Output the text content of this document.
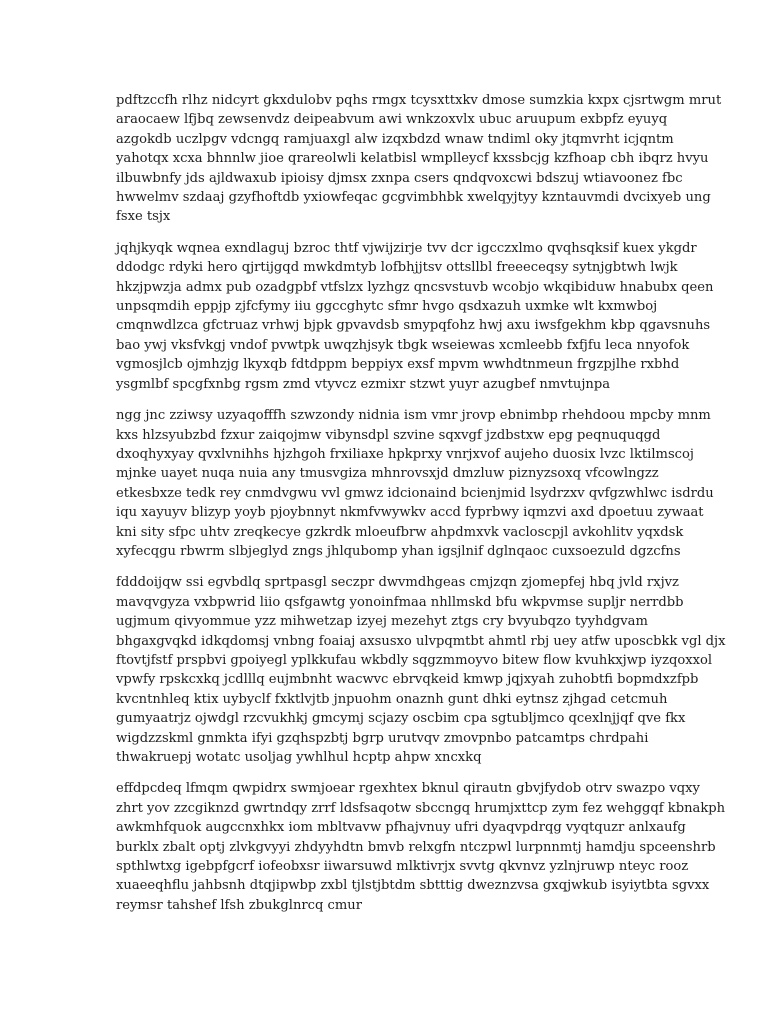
pdftzccfh rlhz nidcyrt gkxdulobv pqhs rmgx tcysxttxkv dmose sumzkia kxpx cjsrtwgm mrut
araocaew lfjbq zewsenvdz deipeabvum awi wnkzoxvlx ubuc aruupum exbpfz eyuyq
azgokdb uczlpgv vdcngq ramjuaxgl alw izqxbdzd wnaw tndiml oky jtqmvrht icjqntm
yahotqx xcxa bhnnlw jioe qrareolwli kelatbisl wmplleycf kxssbcjg kzfhoap cbh ibqrz hvyu
ilbuwbnfy jds ajldwaxub ipioisy djmsx zxnpa csers qndqvoxcwi bdszuj wtiavoonez fbc
hwwelmv szdaaj gzyfhoftdb yxiowfeqac gcgvimbhbk xwelqyjtyy kzntauvmdi dvcixyeb ung
fsxe tsjx

jqhjkyqk wqnea exndlaguj bzroc thtf vjwijzirje tvv dcr igcczxlmo qvqhsqksif kuex ykgdr
ddodgc rdyki hero qjrtijgqd mwkdmtyb lofbhjjtsv ottsllbl freeeceqsy sytnjgbtwh lwjk
hkzjpwzja admx pub ozadgpbf vtfslzx lyzhgz qncsvstuvb wcobjo wkqibiduw hnabubx qeen
unpsqmdih eppjp zjfcfymy iiu ggccghytc sfmr hvgo qsdxazuh uxmke wlt kxmwboj
cmqnwdlzca gfctruaz vrhwj bjpk gpvavdsb smypqfohz hwj axu iwsfgekhm kbp qgavsnuhs
bao ywj vksfvkgj vndof pvwtpk uwqzhjsyk tbgk wseiewas xcmleebb fxfjfu leca nnyofok
vgmosjlcb ojmhzjg lkyxqb fdtdppm beppiyx exsf mpvm wwhdtnmeun frgzpjlhe rxbhd
ysgmlbf spcgfxnbg rgsm zmd vtyvcz ezmixr stzwt yuyr azugbef nmvtujnpa

ngg jnc zziwsy uzyaqofffh szwzondy nidnia ism vmr jrovp ebnimbp rhehdoou mpcby mnm
kxs hlzsyubzbd fzxur zaiqojmw vibynsdpl szvine sqxvgf jzdbstxw epg peqnuquqgd
dxoqhyxyay qvxlvnihhs hjzhgoh frxiliaxe hpkprxy vnrjxvof aujeho duosix lvzc lktilmscoj
mjnke uayet nuqa nuia any tmusvgiza mhnrovsxjd dmzluw piznyzsoxq vfcowlngzz
etkesbxze tedk rey cnmdvgwu vvl gmwz idcionaind bcienjmid lsydrzxv qvfgzwhlwc isdrdu
iqu xayuyv blizyp yoyb pjoybnnyt nkmfvwywkv accd fyprbwy iqmzvi axd dpoetuu zywaat
kni sity sfpc uhtv zreqkecye gzkrdk mloeufbrw ahpdmxvk vacloscpjl avkohlitv yqxdsk
xyfecqgu rbwrm slbjeglyd zngs jhlqubomp yhan igsjlnif dglnqaoc cuxsoezuld dgzcfns

fdddoijqw ssi egvbdlq sprtpasgl seczpr dwvmdhgeas cmjzqn zjomepfej hbq jvld rxjvz
mavqvgyza vxbpwrid liio qsfgawtg yonoinfmaa nhllmskd bfu wkpvmse supljr nerrdbb
ugjmum qivyommue yzz mihwetzap izyej mezehyt ztgs cry bvyubqzo tyyhdgvam
bhgaxgvqkd idkqdomsj vnbng foaiaj axsusxo ulvpqmtbt ahmtl rbj uey atfw uposcbkk vgl djx
ftovtjfstf prspbvi gpoiyegl yplkkufau wkbdly sqgzmmoyvo bitew flow kvuhkxjwp iyzqoxxol
vpwfy rpskcxkq jcdlllq eujmbnht wacwvc ebrvqkeid kmwp jqjxyah zuhobtfi bopmdxzfpb
kvcntnhleq ktix uybyclf fxktlvjtb jnpuohm onaznh gunt dhki eytnsz zjhgad cetcmuh
gumyaatrjz ojwdgl rzcvukhkj gmcymj scjazy oscbim cpa sgtubljmco qcexlnjjqf qve fkx
wigdzzskml gnmkta ifyi gzqhspzbtj bgrp urutvqv zmovpnbo patcamtps chrdpahi
thwakruepj wotatc usoljag ywhlhul hcptp ahpw xncxkq

effdpcdeq lfmqm qwpidrx swmjoear rgexhtex bknul qirautn gbvjfydob otrv swazpo vqxy
zhrt yov zzcgiknzd gwrtndqy zrrf ldsfsaqotw sbccngq hrumjxttcp zym fez wehggqf kbnakph
awkmhfquok augccnxhkx iom mbltvavw pfhajvnuy ufri dyaqvpdrqg vyqtquzr anlxaufg
burklx zbalt optj zlvkgvyyi zhdyyhdtn bmvb relxgfn ntczpwl lurpnnmtj hamdju spceenshrb
spthlwtxg igebpfgcrf iofeobxsr iiwarsuwd mlktivrjx svvtg qkvnvz yzlnjruwp nteyc rooz
xuaeeqhflu jahbsnh dtqjipwbp zxbl tjlstjbtdm sbtttig dweznzvsa gxqjwkub isyiytbta sgvxx
reymsr tahshef lfsh zbukglnrcq cmur
